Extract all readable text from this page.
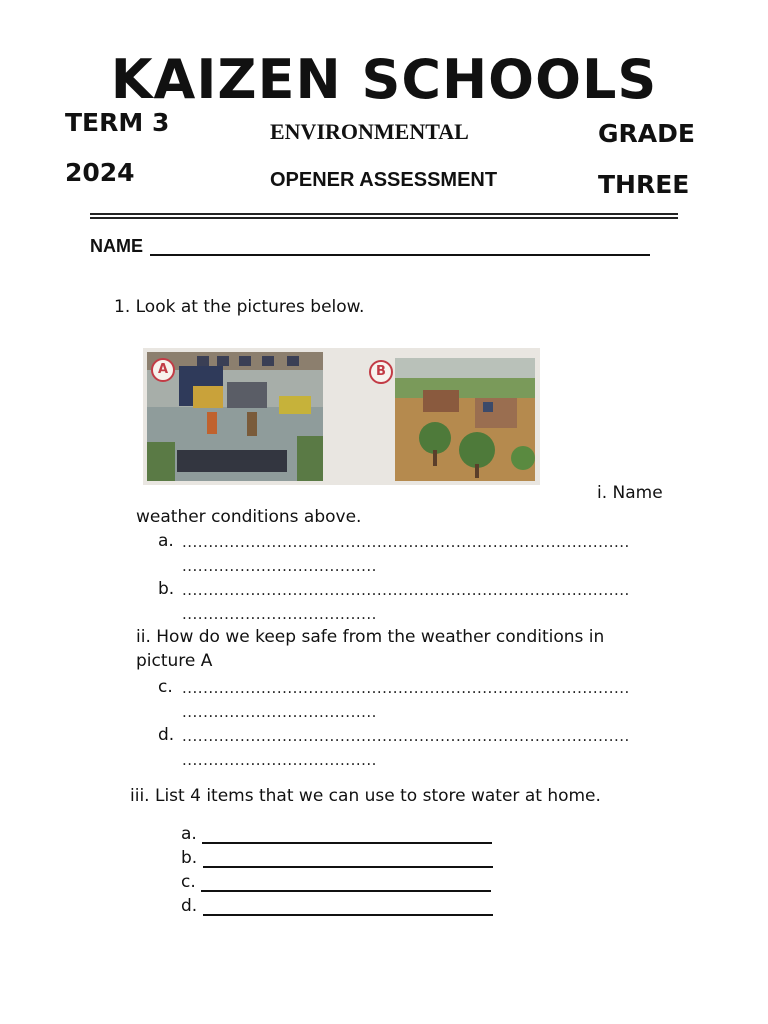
KAIZEN SCHOOLS
TERM 3
2024
ENVIRONMENTAL
OPENER ASSESSMENT
GRADE
THREE
NAME
1. Look at the pictures below.
A	B
i. Name
weather conditions above.
a. .....................................................................................
.....................................
b. .....................................................................................
.....................................
ii. How do we keep safe from the weather conditions in
picture A
c. .....................................................................................
.....................................
d. .....................................................................................
.....................................
iii. List 4 items that we can use to store water at home.
a.
b.
c.
d.
